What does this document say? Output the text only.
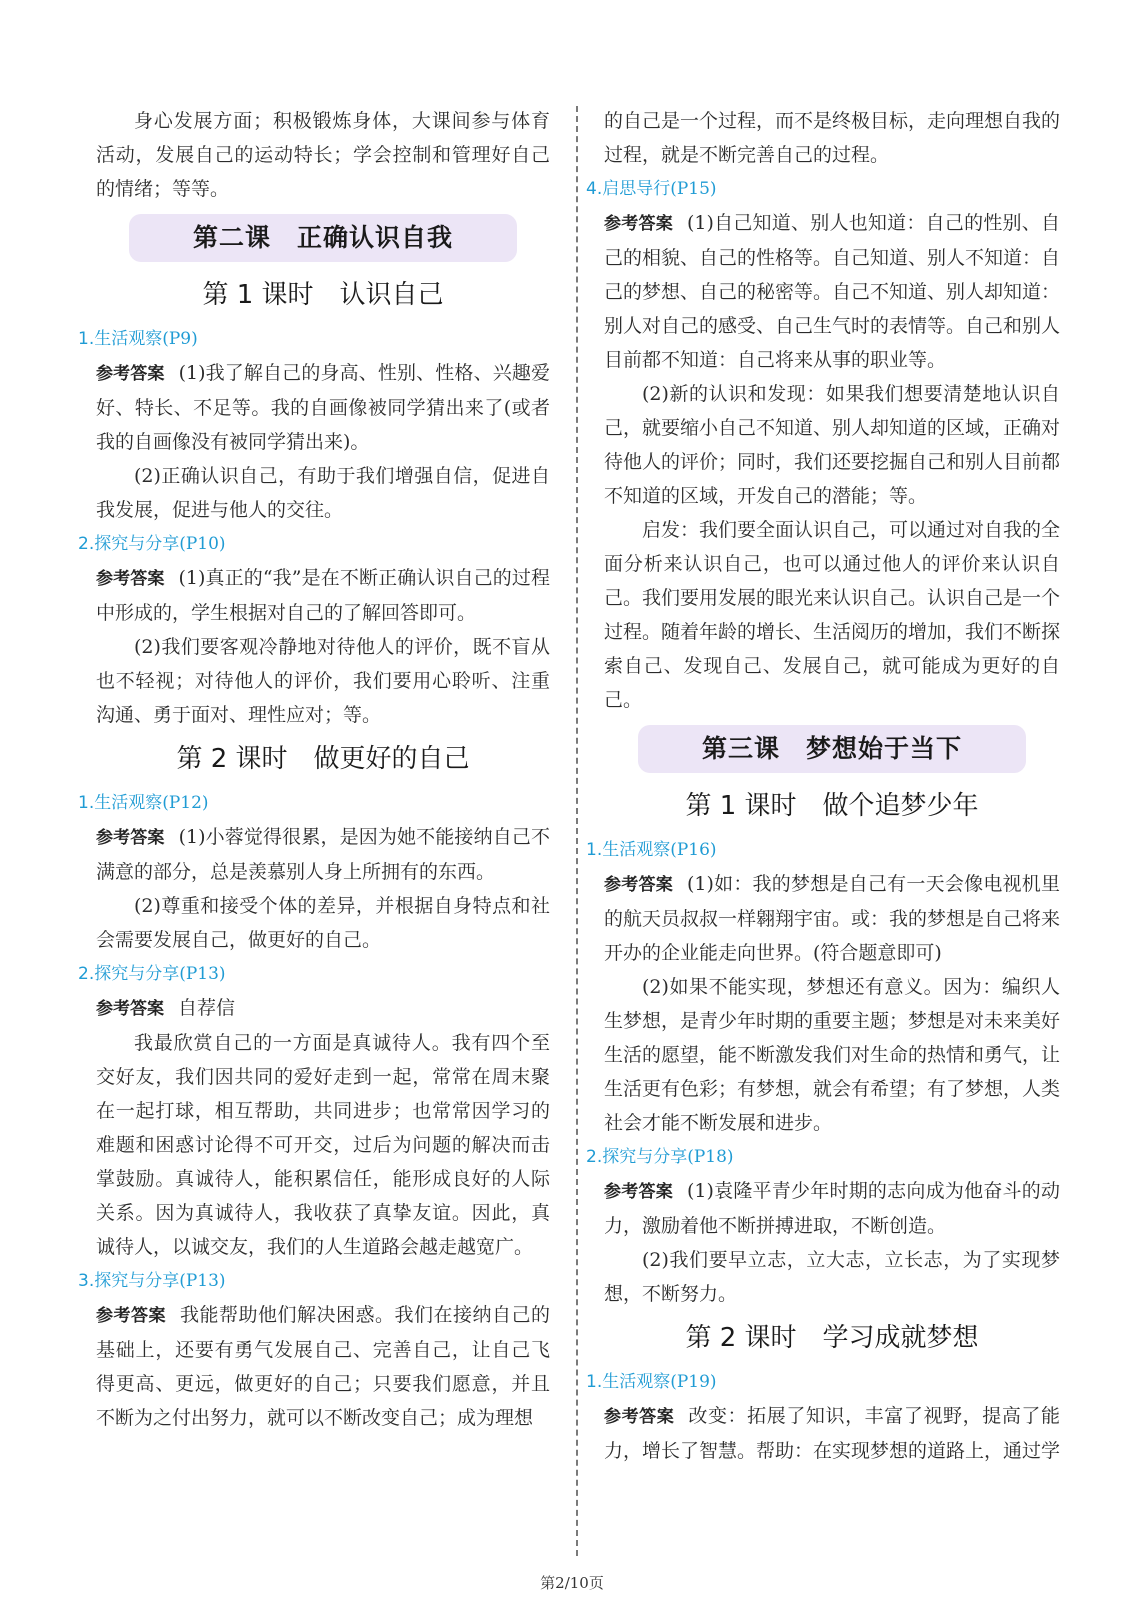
身心发展方面；积极锻炼身体，大课间参与体育活动，发展自己的运动特长；学会控制和管理好自己的情绪；等等。

第二课　正确认识自我

第 1 课时　认识自己

1.生活观察(P9)

参考答案 (1)我了解自己的身高、性别、性格、兴趣爱好、特长、不足等。我的自画像被同学猜出来了(或者我的自画像没有被同学猜出来)。

(2)正确认识自己，有助于我们增强自信，促进自我发展，促进与他人的交往。

2.探究与分享(P10)

参考答案 (1)真正的“我”是在不断正确认识自己的过程中形成的，学生根据对自己的了解回答即可。

(2)我们要客观冷静地对待他人的评价，既不盲从也不轻视；对待他人的评价，我们要用心聆听、注重沟通、勇于面对、理性应对；等。

第 2 课时　做更好的自己

1.生活观察(P12)

参考答案 (1)小蓉觉得很累，是因为她不能接纳自己不满意的部分，总是羡慕别人身上所拥有的东西。

(2)尊重和接受个体的差异，并根据自身特点和社会需要发展自己，做更好的自己。

2.探究与分享(P13)

参考答案 自荐信

我最欣赏自己的一方面是真诚待人。我有四个至交好友，我们因共同的爱好走到一起，常常在周末聚在一起打球，相互帮助，共同进步；也常常因学习的难题和困惑讨论得不可开交，过后为问题的解决而击掌鼓励。真诚待人，能积累信任，能形成良好的人际关系。因为真诚待人，我收获了真挚友谊。因此，真诚待人，以诚交友，我们的人生道路会越走越宽广。

3.探究与分享(P13)

参考答案 我能帮助他们解决困惑。我们在接纳自己的基础上，还要有勇气发展自己、完善自己，让自己飞得更高、更远，做更好的自己；只要我们愿意，并且不断为之付出努力，就可以不断改变自己；成为理想

的自己是一个过程，而不是终极目标，走向理想自我的过程，就是不断完善自己的过程。

4.启思导行(P15)

参考答案 (1)自己知道、别人也知道：自己的性别、自己的相貌、自己的性格等。自己知道、别人不知道：自己的梦想、自己的秘密等。自己不知道、别人却知道：别人对自己的感受、自己生气时的表情等。自己和别人目前都不知道：自己将来从事的职业等。

(2)新的认识和发现：如果我们想要清楚地认识自己，就要缩小自己不知道、别人却知道的区域，正确对待他人的评价；同时，我们还要挖掘自己和别人目前都不知道的区域，开发自己的潜能；等。

启发：我们要全面认识自己，可以通过对自我的全面分析来认识自己，也可以通过他人的评价来认识自己。我们要用发展的眼光来认识自己。认识自己是一个过程。随着年龄的增长、生活阅历的增加，我们不断探索自己、发现自己、发展自己，就可能成为更好的自己。

第三课　梦想始于当下

第 1 课时　做个追梦少年

1.生活观察(P16)

参考答案 (1)如：我的梦想是自己有一天会像电视机里的航天员叔叔一样翱翔宇宙。或：我的梦想是自己将来开办的企业能走向世界。(符合题意即可)

(2)如果不能实现，梦想还有意义。因为：编织人生梦想，是青少年时期的重要主题；梦想是对未来美好生活的愿望，能不断激发我们对生命的热情和勇气，让生活更有色彩；有梦想，就会有希望；有了梦想，人类社会才能不断发展和进步。

2.探究与分享(P18)

参考答案 (1)袁隆平青少年时期的志向成为他奋斗的动力，激励着他不断拼搏进取，不断创造。

(2)我们要早立志，立大志，立长志，为了实现梦想，不断努力。

第 2 课时　学习成就梦想

1.生活观察(P19)

参考答案 改变：拓展了知识，丰富了视野，提高了能力，增长了智慧。帮助：在实现梦想的道路上，通过学

第2/10页
